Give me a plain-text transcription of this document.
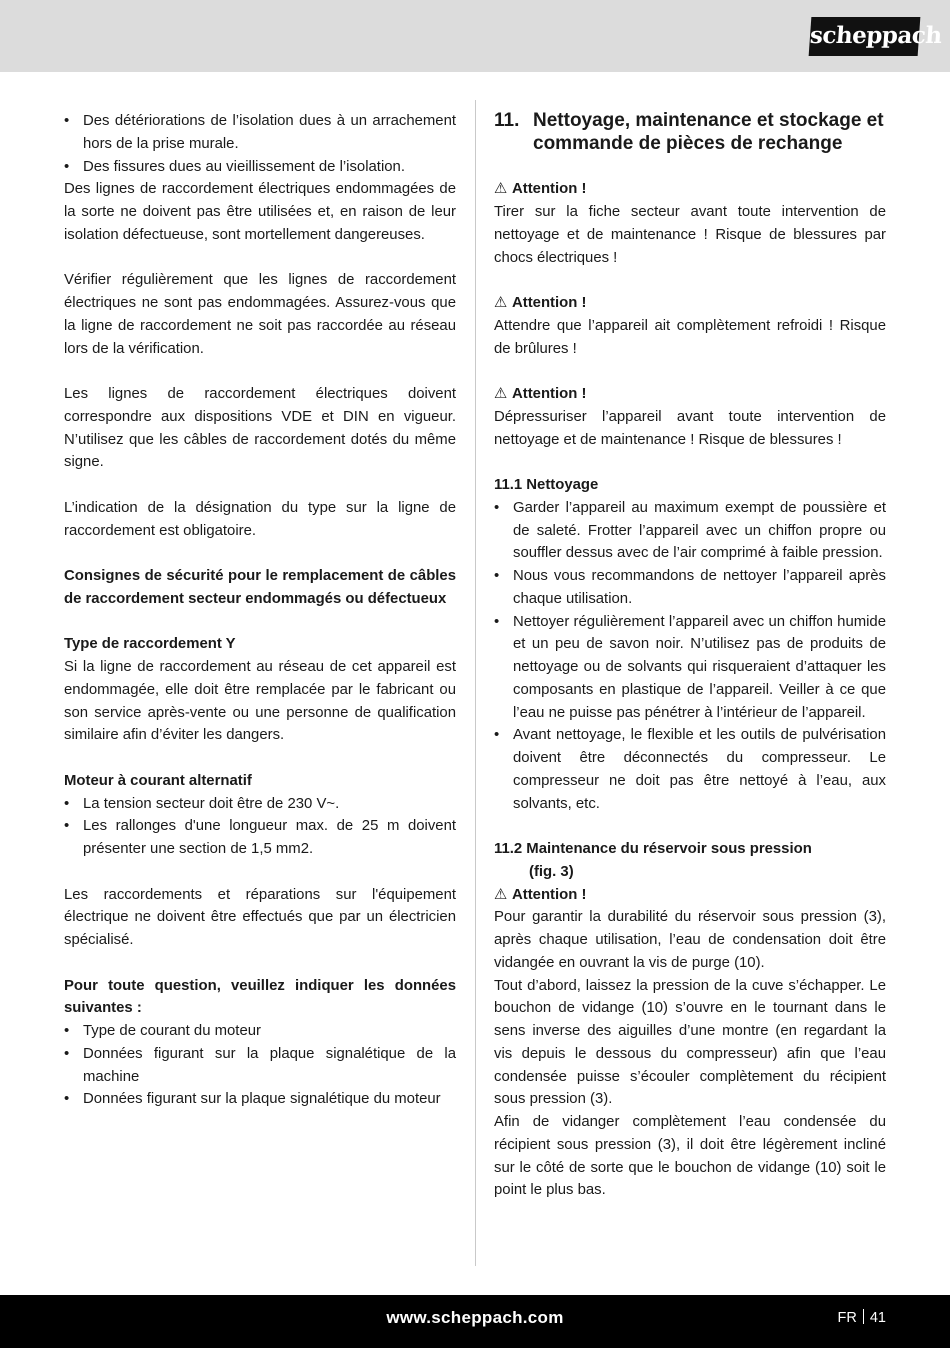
scheppach
• Des détériorations de l’isolation dues à un arrachement hors de la prise murale.
• Des fissures dues au vieillissement de l’isolation.

Des lignes de raccordement électriques endommagées de la sorte ne doivent pas être utilisées et, en raison de leur isolation défectueuse, sont mortellement dangereuses.

Vérifier régulièrement que les lignes de raccordement électriques ne sont pas endommagées. Assurez-vous que la ligne de raccordement ne soit pas raccordée au réseau lors de la vérification.

Les lignes de raccordement électriques doivent correspondre aux dispositions VDE et DIN en vigueur. N’utilisez que les câbles de raccordement dotés du même signe.

L’indication de la désignation du type sur la ligne de raccordement est obligatoire.

Consignes de sécurité pour le remplacement de câbles de raccordement secteur endommagés ou défectueux

Type de raccordement Y

Si la ligne de raccordement au réseau de cet appareil est endommagée, elle doit être remplacée par le fabricant ou son service après-vente ou une personne de qualification similaire afin d’éviter les dangers.

Moteur à courant alternatif

• La tension secteur doit être de 230 V~.
• Les rallonges d'une longueur max. de 25 m doivent présenter une section de 1,5 mm2.

Les raccordements et réparations sur l'équipement électrique ne doivent être effectués que par un électricien spécialisé.

Pour toute question, veuillez indiquer les données suivantes :

• Type de courant du moteur
• Données figurant sur la plaque signalétique de la machine
• Données figurant sur la plaque signalétique du moteur
11. Nettoyage, maintenance et stockage et commande de pièces de rechange

⚠ Attention !

Tirer sur la fiche secteur avant toute intervention de nettoyage et de maintenance ! Risque de blessures par chocs électriques !

⚠ Attention !

Attendre que l’appareil ait complètement refroidi ! Risque de brûlures !

⚠ Attention !

Dépressuriser l’appareil avant toute intervention de nettoyage et de maintenance ! Risque de blessures !

11.1 Nettoyage

• Garder l’appareil au maximum exempt de poussière et de saleté. Frotter l’appareil avec un chiffon propre ou souffler dessus avec de l’air comprimé à faible pression.
• Nous vous recommandons de nettoyer l’appareil après chaque utilisation.
• Nettoyer régulièrement l’appareil avec un chiffon humide et un peu de savon noir. N’utilisez pas de produits de nettoyage ou de solvants qui risqueraient d’attaquer les composants en plastique de l’appareil. Veiller à ce que l’eau ne puisse pas pénétrer à l’intérieur de l’appareil.
• Avant nettoyage, le flexible et les outils de pulvérisation doivent être déconnectés du compresseur. Le compresseur ne doit pas être nettoyé à l’eau, aux solvants, etc.

11.2 Maintenance du réservoir sous pression
(fig. 3)

⚠ Attention !

Pour garantir la durabilité du réservoir sous pression (3), après chaque utilisation, l’eau de condensation doit être vidangée en ouvrant la vis de purge (10).

Tout d’abord, laissez la pression de la cuve s’échapper. Le bouchon de vidange (10) s’ouvre en le tournant dans le sens inverse des aiguilles d’une montre (en regardant la vis depuis le dessous du compresseur) afin que l’eau condensée puisse s’écouler complètement du récipient sous pression (3).

Afin de vidanger complètement l’eau condensée du récipient sous pression (3), il doit être légèrement incliné sur le côté de sorte que le bouchon de vidange (10) soit le point le plus bas.

www.scheppach.com	FR 41
